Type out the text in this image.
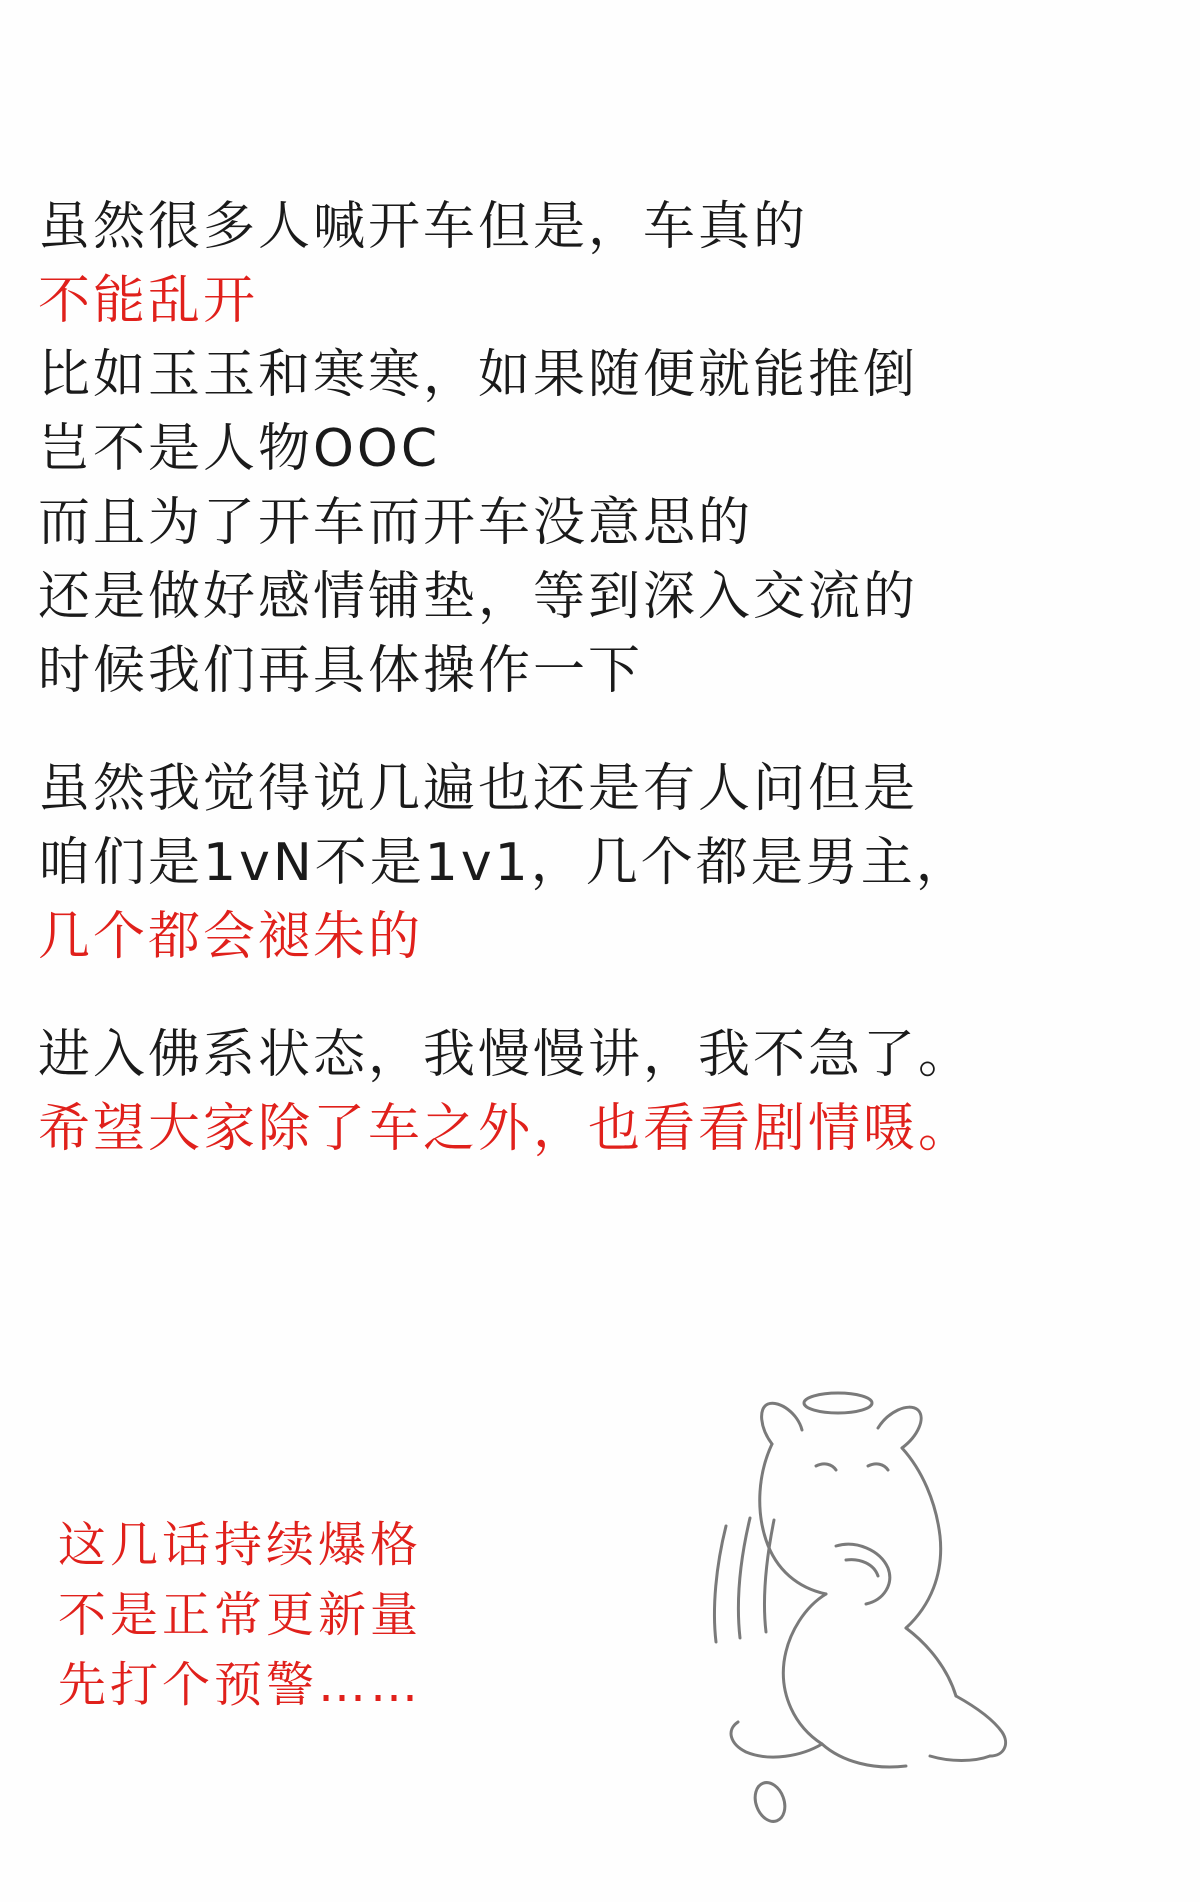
虽然很多人喊开车但是，车真的
不能乱开
比如玉玉和寒寒，如果随便就能推倒
岂不是人物OOC
而且为了开车而开车没意思的
还是做好感情铺垫，等到深入交流的
时候我们再具体操作一下
虽然我觉得说几遍也还是有人问但是
咱们是1vN不是1v1，几个都是男主，
几个都会褪朱的
进入佛系状态，我慢慢讲，我不急了。
希望大家除了车之外，也看看剧情嗫。
这几话持续爆格
不是正常更新量
先打个预警……
